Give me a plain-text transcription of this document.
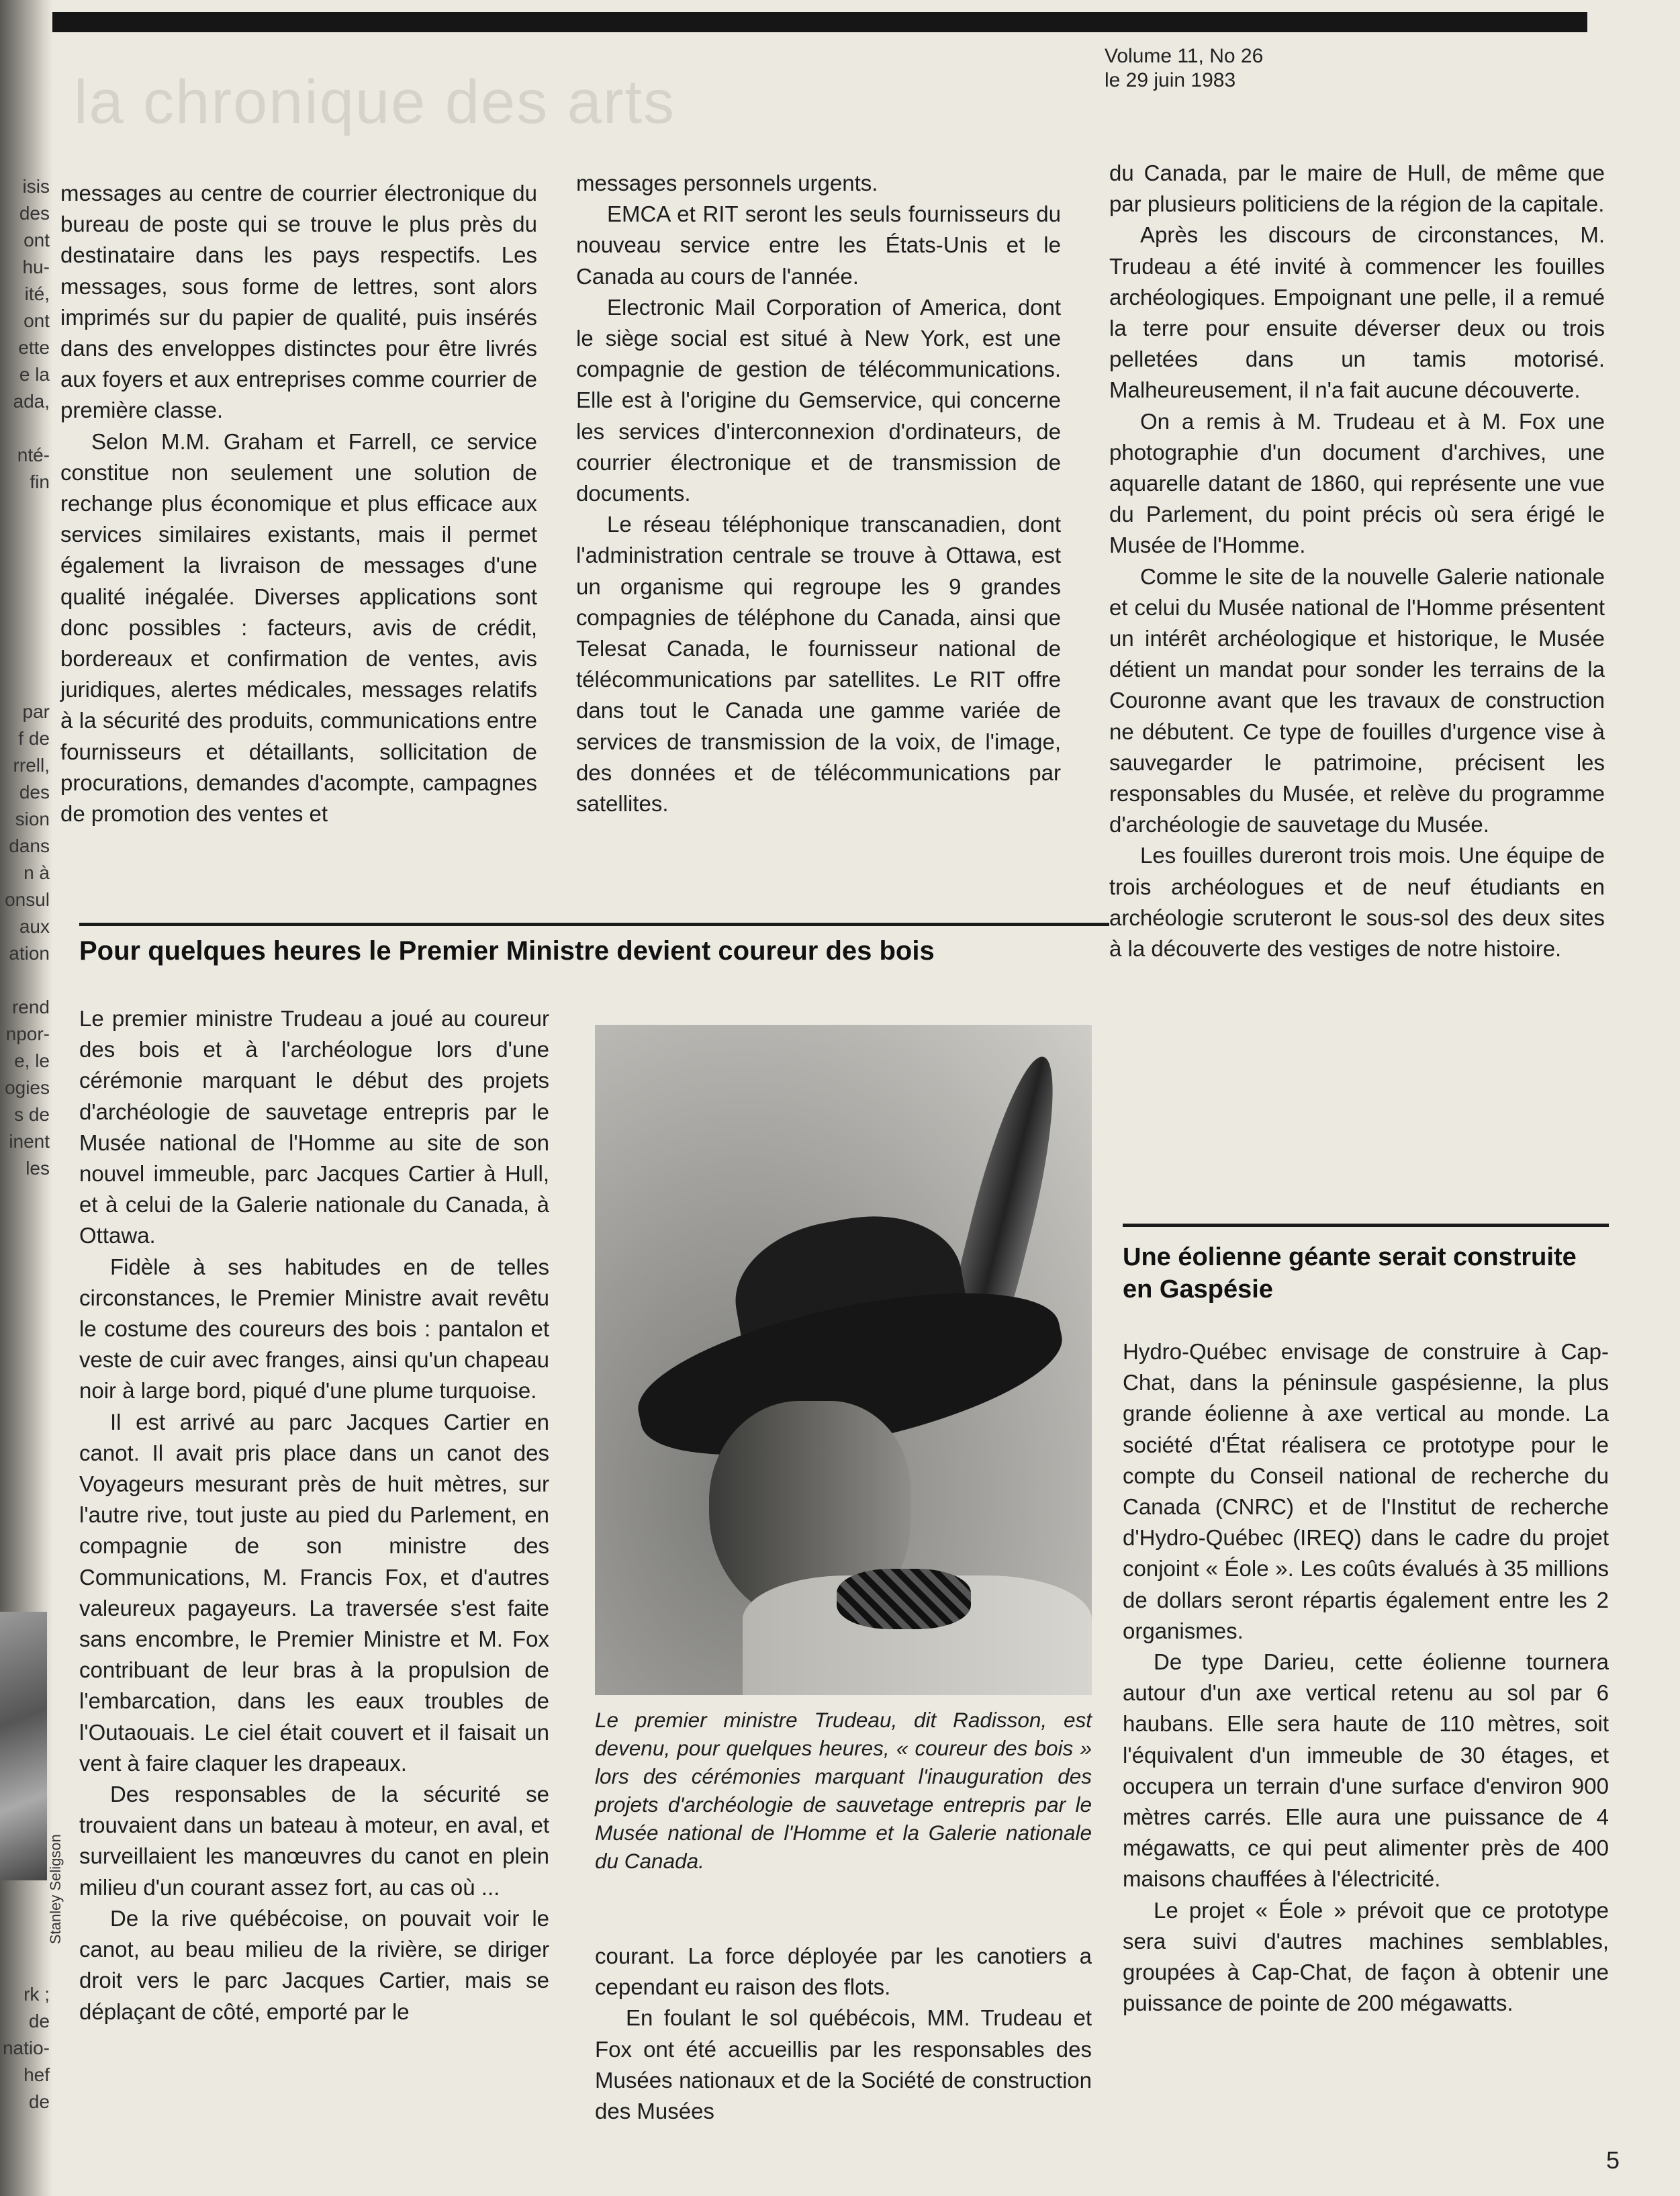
isis
des
ont
hu-
ité,
ont
ette
e la
ada,
nté-
fin
par
f de
rrell,
des
sion
dans
n à
onsul
aux
ation
rend
npor-
e, le
ogies
s de
inent
les
rk ; de
natio-
hef de
Volume 11, No 26
le 29 juin 1983
la chronique des arts

messages au centre de courrier électronique du bureau de poste qui se trouve le plus près du destinataire dans les pays respectifs. Les messages, sous forme de lettres, sont alors imprimés sur du papier de qualité, puis insérés dans des enveloppes distinctes pour être livrés aux foyers et aux entreprises comme courrier de première classe.

Selon M.M. Graham et Farrell, ce service constitue non seulement une solution de rechange plus économique et plus efficace aux services similaires existants, mais il permet également la livraison de messages d'une qualité inégalée. Diverses applications sont donc possibles : facteurs, avis de crédit, bordereaux et confirmation de ventes, avis juridiques, alertes médicales, messages relatifs à la sécurité des produits, communications entre fournisseurs et détaillants, sollicitation de procurations, demandes d'acompte, campagnes de promotion des ventes et

messages personnels urgents.

EMCA et RIT seront les seuls fournisseurs du nouveau service entre les États-Unis et le Canada au cours de l'année.

Electronic Mail Corporation of America, dont le siège social est situé à New York, est une compagnie de gestion de télécommunications. Elle est à l'origine du Gemservice, qui concerne les services d'interconnexion d'ordinateurs, de courrier électronique et de transmission de documents.

Le réseau téléphonique transcanadien, dont l'administration centrale se trouve à Ottawa, est un organisme qui regroupe les 9 grandes compagnies de téléphone du Canada, ainsi que Telesat Canada, le fournisseur national de télécommunications par satellites. Le RIT offre dans tout le Canada une gamme variée de services de transmission de la voix, de l'image, des données et de télécommunications par satellites.

Pour quelques heures le Premier Ministre devient coureur des bois

Le premier ministre Trudeau a joué au coureur des bois et à l'archéologue lors d'une cérémonie marquant le début des projets d'archéologie de sauvetage entrepris par le Musée national de l'Homme au site de son nouvel immeuble, parc Jacques Cartier à Hull, et à celui de la Galerie nationale du Canada, à Ottawa.

Fidèle à ses habitudes en de telles circonstances, le Premier Ministre avait revêtu le costume des coureurs des bois : pantalon et veste de cuir avec franges, ainsi qu'un chapeau noir à large bord, piqué d'une plume turquoise.

Il est arrivé au parc Jacques Cartier en canot. Il avait pris place dans un canot des Voyageurs mesurant près de huit mètres, sur l'autre rive, tout juste au pied du Parlement, en compagnie de son ministre des Communications, M. Francis Fox, et d'autres valeureux pagayeurs. La traversée s'est faite sans encombre, le Premier Ministre et M. Fox contribuant de leur bras à la propulsion de l'embarcation, dans les eaux troubles de l'Outaouais. Le ciel était couvert et il faisait un vent à faire claquer les drapeaux.

Des responsables de la sécurité se trouvaient dans un bateau à moteur, en aval, et surveillaient les manœuvres du canot en plein milieu d'un courant assez fort, au cas où ...

De la rive québécoise, on pouvait voir le canot, au beau milieu de la rivière, se diriger droit vers le parc Jacques Cartier, mais se déplaçant de côté, emporté par le

Stanley Seligson
Le premier ministre Trudeau, dit Radisson, est devenu, pour quelques heures, « coureur des bois » lors des cérémonies marquant l'inauguration des projets d'archéologie de sauvetage entrepris par le Musée national de l'Homme et la Galerie nationale du Canada.

courant. La force déployée par les canotiers a cependant eu raison des flots.

En foulant le sol québécois, MM. Trudeau et Fox ont été accueillis par les responsables des Musées nationaux et de la Société de construction des Musées

du Canada, par le maire de Hull, de même que par plusieurs politiciens de la région de la capitale.

Après les discours de circonstances, M. Trudeau a été invité à commencer les fouilles archéologiques. Empoignant une pelle, il a remué la terre pour ensuite déverser deux ou trois pelletées dans un tamis motorisé. Malheureusement, il n'a fait aucune découverte.

On a remis à M. Trudeau et à M. Fox une photographie d'un document d'archives, une aquarelle datant de 1860, qui représente une vue du Parlement, du point précis où sera érigé le Musée de l'Homme.

Comme le site de la nouvelle Galerie nationale et celui du Musée national de l'Homme présentent un intérêt archéologique et historique, le Musée détient un mandat pour sonder les terrains de la Couronne avant que les travaux de construction ne débutent. Ce type de fouilles d'urgence vise à sauvegarder le patrimoine, précisent les responsables du Musée, et relève du programme d'archéologie de sauvetage du Musée.

Les fouilles dureront trois mois. Une équipe de trois archéologues et de neuf étudiants en archéologie scruteront le sous-sol des deux sites à la découverte des vestiges de notre histoire.

Une éolienne géante serait construite en Gaspésie

Hydro-Québec envisage de construire à Cap-Chat, dans la péninsule gaspésienne, la plus grande éolienne à axe vertical au monde. La société d'État réalisera ce prototype pour le compte du Conseil national de recherche du Canada (CNRC) et de l'Institut de recherche d'Hydro-Québec (IREQ) dans le cadre du projet conjoint « Éole ». Les coûts évalués à 35 millions de dollars seront répartis également entre les 2 organismes.

De type Darieu, cette éolienne tournera autour d'un axe vertical retenu au sol par 6 haubans. Elle sera haute de 110 mètres, soit l'équivalent d'un immeuble de 30 étages, et occupera un terrain d'une surface d'environ 900 mètres carrés. Elle aura une puissance de 4 mégawatts, ce qui peut alimenter près de 400 maisons chauffées à l'électricité.

Le projet « Éole » prévoit que ce prototype sera suivi d'autres machines semblables, groupées à Cap-Chat, de façon à obtenir une puissance de pointe de 200 mégawatts.

5
